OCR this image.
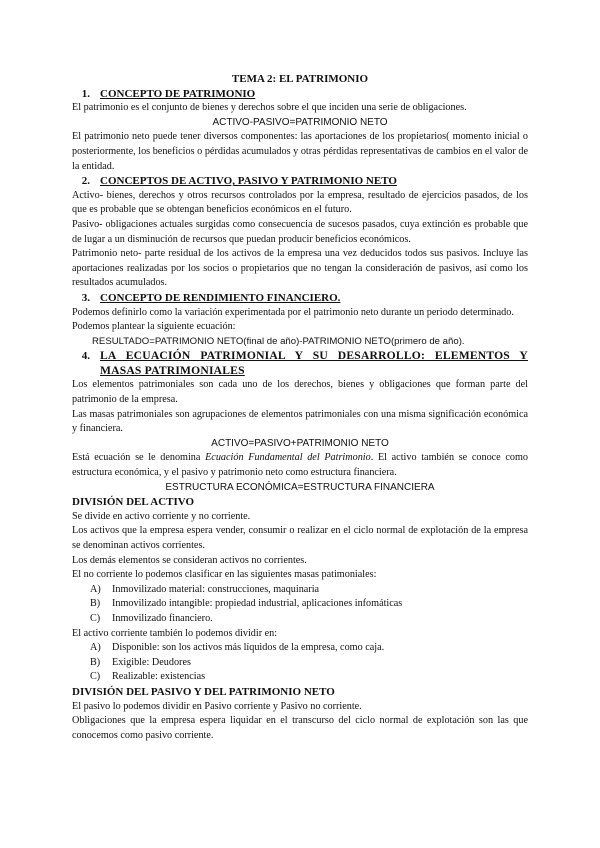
TEMA 2: EL PATRIMONIO

1. CONCEPTO DE PATRIMONIO

El patrimonio es el conjunto de bienes y derechos sobre el que inciden una serie de obligaciones.

ACTIVO-PASIVO=PATRIMONIO NETO

El patrimonio neto puede tener diversos componentes: las aportaciones de los propietarios( momento inicial o posteriormente, los beneficios o pérdidas acumulados y otras pérdidas representativas de cambios en el valor de la entidad.

2. CONCEPTOS DE ACTIVO, PASIVO Y PATRIMONIO NETO

Activo- bienes, derechos y otros recursos controlados por la empresa, resultado de ejercicios pasados, de los que es probable que se obtengan beneficios económicos en el futuro.

Pasivo- obligaciones actuales surgidas como consecuencia de sucesos pasados, cuya extinción es probable que de lugar a un disminución de recursos que puedan producir beneficios económicos.

Patrimonio neto- parte residual de los activos de la empresa una vez deducidos todos sus pasivos. Incluye las aportaciones realizadas por los socios o propietarios que no tengan la consideración de pasivos, así como los resultados acumulados.

3. CONCEPTO DE RENDIMIENTO FINANCIERO.

Podemos definirlo como la variación experimentada por el patrimonio neto durante un periodo determinado.

Podemos plantear la siguiente ecuación:

RESULTADO=PATRIMONIO NETO(final de año)-PATRIMONIO NETO(primero de año).

4. LA ECUACIÓN PATRIMONIAL Y SU DESARROLLO: ELEMENTOS Y
MASAS PATRIMONIALES

Los elementos patrimoniales son cada uno de los derechos, bienes y obligaciones que forman parte del patrimonio de la empresa.

Las masas patrimoniales son agrupaciones de elementos patrimoniales con una misma significación económica y financiera.

ACTIVO=PASIVO+PATRIMONIO NETO

Está ecuación se le denomina Ecuación Fundamental del Patrimonio. El activo también se conoce como estructura económica, y el pasivo y patrimonio neto como estructura financiera.

ESTRUCTURA ECONÓMICA=ESTRUCTURA FINANCIERA

DIVISIÓN DEL ACTIVO

Se divide en activo corriente y no corriente.

Los activos que la empresa espera vender, consumir o realizar en el ciclo normal de explotación de la empresa se denominan activos corrientes.

Los demás elementos se consideran activos no corrientes.

El no corriente lo podemos clasificar en las siguientes masas patimoniales:

A)	Inmovilizado material: construcciones, maquinaria
B)	Inmovilizado intangible: propiedad industrial, aplicaciones infomáticas
C)	Inmovilizado financiero.

El activo corriente también lo podemos dividir en:

A)	Disponible: son los activos más líquidos de la empresa, como caja.
B)	Exigible: Deudores
C)	Realizable: existencias

DIVISIÓN DEL PASIVO Y DEL PATRIMONIO NETO

El pasivo lo podemos dividir en Pasivo corriente y Pasivo no corriente.

Obligaciones que la empresa espera liquidar en el transcurso del ciclo normal de explotación son las que conocemos como pasivo corriente.
